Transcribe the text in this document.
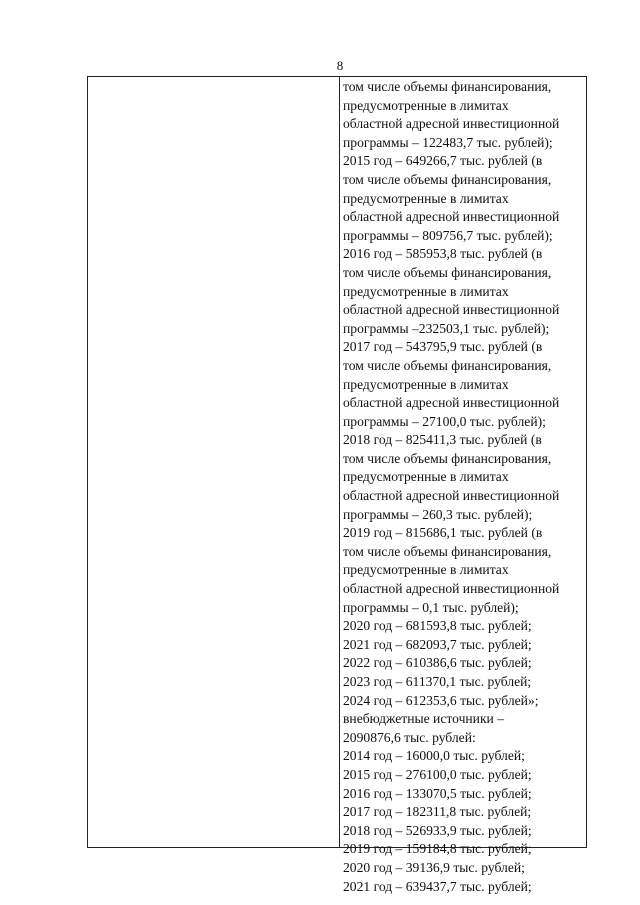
8
том числе объемы финансирования,
предусмотренные в лимитах
областной адресной инвестиционной
программы – 122483,7 тыс. рублей);
2015 год – 649266,7 тыс. рублей (в
том числе объемы финансирования,
предусмотренные в лимитах
областной адресной инвестиционной
программы – 809756,7 тыс. рублей);
2016 год – 585953,8 тыс. рублей (в
том числе объемы финансирования,
предусмотренные в лимитах
областной адресной инвестиционной
программы –232503,1 тыс. рублей);
2017 год – 543795,9 тыс. рублей (в
том числе объемы финансирования,
предусмотренные в лимитах
областной адресной инвестиционной
программы – 27100,0 тыс. рублей);
2018 год – 825411,3 тыс. рублей (в
том числе объемы финансирования,
предусмотренные в лимитах
областной адресной инвестиционной
программы – 260,3 тыс. рублей);
2019 год – 815686,1 тыс. рублей (в
том числе объемы финансирования,
предусмотренные в лимитах
областной адресной инвестиционной
программы – 0,1 тыс. рублей);
2020 год – 681593,8 тыс. рублей;
2021 год – 682093,7 тыс. рублей;
2022 год – 610386,6 тыс. рублей;
2023 год – 611370,1 тыс. рублей;
2024 год – 612353,6 тыс. рублей»;
внебюджетные источники –
2090876,6 тыс. рублей:
2014 год – 16000,0 тыс. рублей;
2015 год – 276100,0 тыс. рублей;
2016 год – 133070,5 тыс. рублей;
2017 год – 182311,8 тыс. рублей;
2018 год – 526933,9 тыс. рублей;
2019 год – 159184,8 тыс. рублей;
2020 год – 39136,9 тыс. рублей;
2021 год – 639437,7 тыс. рублей;
